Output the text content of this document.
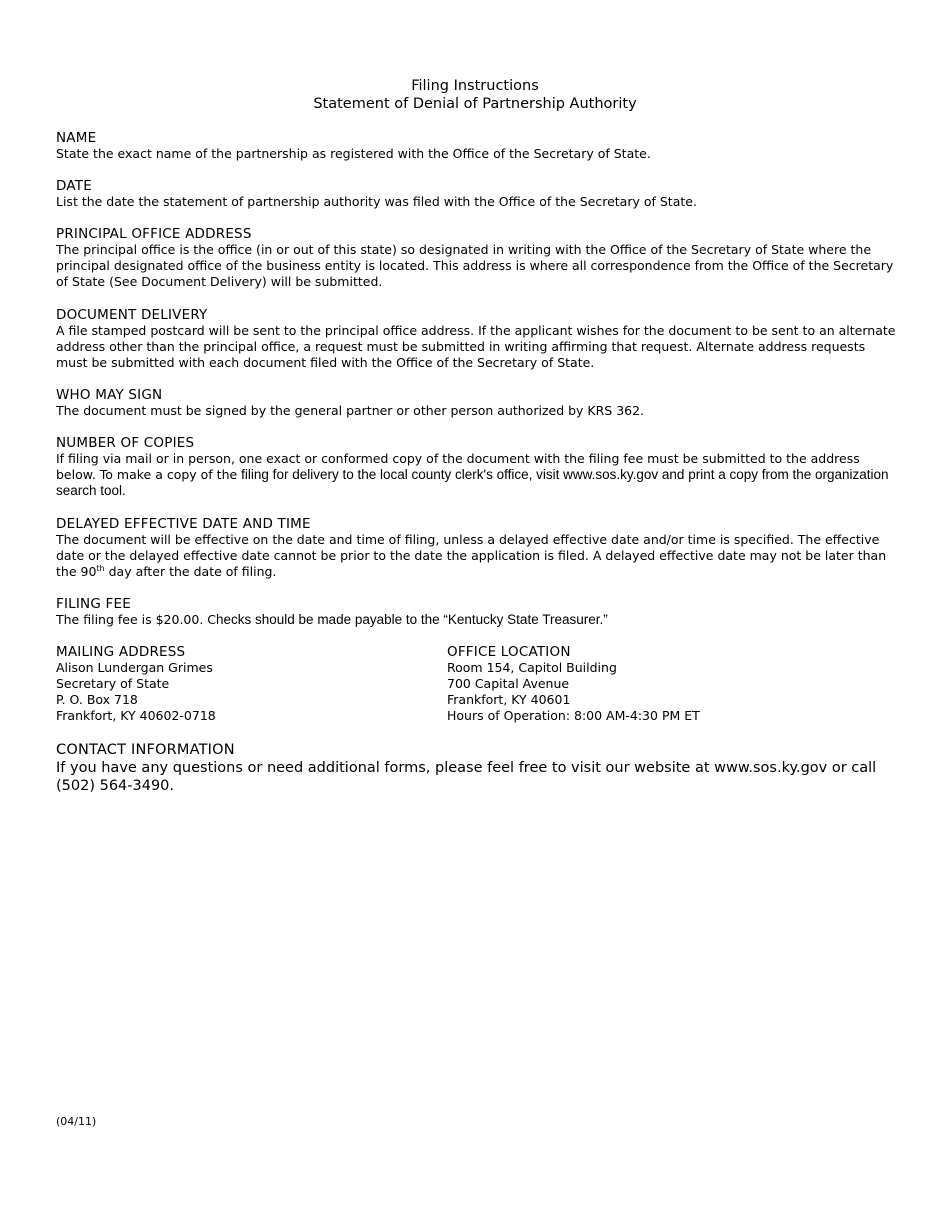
Filing Instructions
Statement of Denial of Partnership Authority
NAME
State the exact name of the partnership as registered with the Office of the Secretary of State.
DATE
List the date the statement of partnership authority was filed with the Office of the Secretary of State.
PRINCIPAL OFFICE ADDRESS
The principal office is the office (in or out of this state) so designated in writing with the Office of the Secretary of State where the principal designated office of the business entity is located. This address is where all correspondence from the Office of the Secretary of State (See Document Delivery) will be submitted.
DOCUMENT DELIVERY
A file stamped postcard will be sent to the principal office address. If the applicant wishes for the document to be sent to an alternate address other than the principal office, a request must be submitted in writing affirming that request. Alternate address requests must be submitted with each document filed with the Office of the Secretary of State.
WHO MAY SIGN
The document must be signed by the general partner or other person authorized by KRS 362.
NUMBER OF COPIES
If filing via mail or in person, one exact or conformed copy of the document with the filing fee must be submitted to the address below. To make a copy of the filing for delivery to the local county clerk's office, visit www.sos.ky.gov and print a copy from the organization search tool.
DELAYED EFFECTIVE DATE AND TIME
The document will be effective on the date and time of filing, unless a delayed effective date and/or time is specified. The effective date or the delayed effective date cannot be prior to the date the application is filed. A delayed effective date may not be later than the 90th day after the date of filing.
FILING FEE
The filing fee is $20.00. Checks should be made payable to the “Kentucky State Treasurer.”
MAILING ADDRESS
Alison Lundergan Grimes
Secretary of State
P. O. Box 718
Frankfort, KY 40602-0718
OFFICE LOCATION
Room 154, Capitol Building
700 Capital Avenue
Frankfort, KY 40601
Hours of Operation: 8:00 AM-4:30 PM ET
CONTACT INFORMATION
If you have any questions or need additional forms, please feel free to visit our website at www.sos.ky.gov or call (502) 564-3490.
(04/11)
